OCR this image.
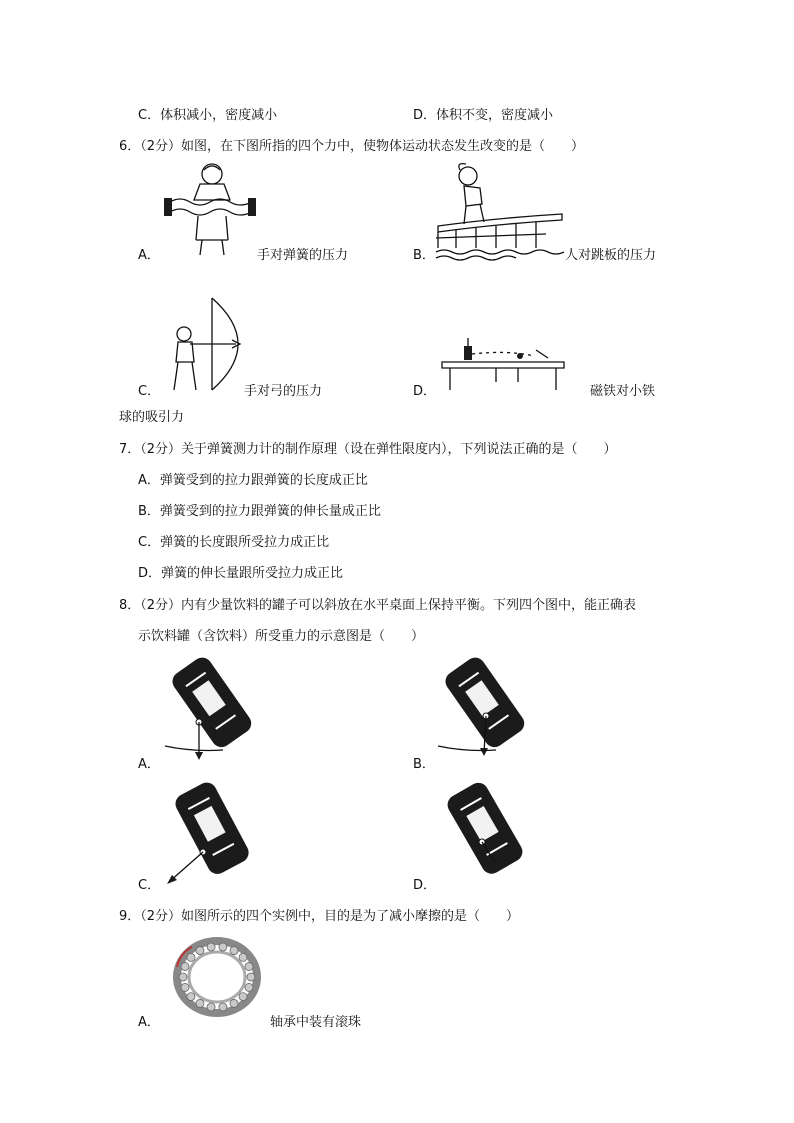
C．体积减小，密度减小	D．体积不变，密度减小
6．（2分）如图，在下图所指的四个力中，使物体运动状态发生改变的是（　　）
A．	手对弹簧的压力	B．	人对跳板的压力
C．	手对弓的压力	D．	磁铁对小铁
球的吸引力
7．（2分）关于弹簧测力计的制作原理（设在弹性限度内），下列说法正确的是（　　）
A．弹簧受到的拉力跟弹簧的长度成正比
B．弹簧受到的拉力跟弹簧的伸长量成正比
C．弹簧的长度跟所受拉力成正比
D．弹簧的伸长量跟所受拉力成正比
8．（2分）内有少量饮料的罐子可以斜放在水平桌面上保持平衡。下列四个图中，能正确表
示饮料罐（含饮料）所受重力的示意图是（　　）
A．	B．
C．	D．
9．（2分）如图所示的四个实例中，目的是为了减小摩擦的是（　　）
A．	轴承中装有滚珠
